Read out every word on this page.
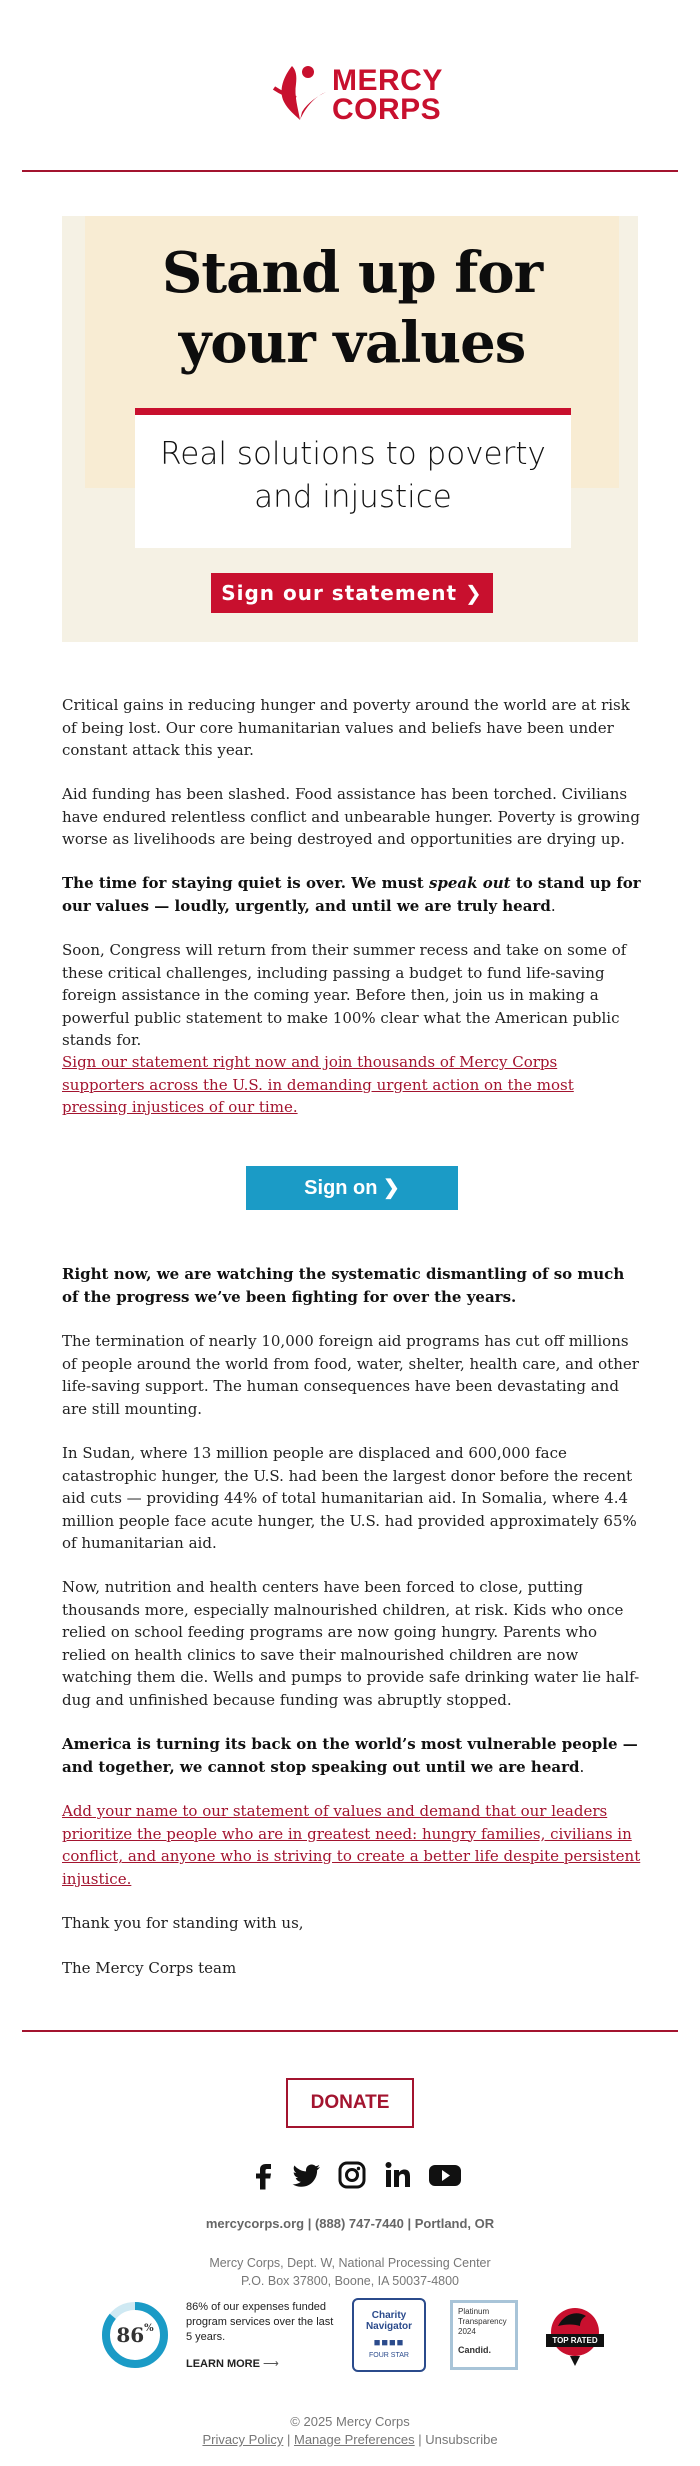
MERCY
CORPS
Stand up for
your values
Real solutions to poverty
and injustice
Sign our statement ❯

Critical gains in reducing hunger and poverty around the world are at risk of being lost. Our core humanitarian values and beliefs have been under constant attack this year.

Aid funding has been slashed. Food assistance has been torched. Civilians have endured relentless conflict and unbearable hunger. Poverty is growing worse as livelihoods are being destroyed and opportunities are drying up.

The time for staying quiet is over. We must speak out to stand up for our values — loudly, urgently, and until we are truly heard.

Soon, Congress will return from their summer recess and take on some of these critical challenges, including passing a budget to fund life-saving foreign assistance in the coming year. Before then, join us in making a powerful public statement to make 100% clear what the American public stands for.

Sign our statement right now and join thousands of Mercy Corps supporters across the U.S. in demanding urgent action on the most pressing injustices of our time.

Sign on ❯

Right now, we are watching the systematic dismantling of so much of the progress we’ve been fighting for over the years.

The termination of nearly 10,000 foreign aid programs has cut off millions of people around the world from food, water, shelter, health care, and other life-saving support. The human consequences have been devastating and are still mounting.

In Sudan, where 13 million people are displaced and 600,000 face catastrophic hunger, the U.S. had been the largest donor before the recent aid cuts — providing 44% of total humanitarian aid. In Somalia, where 4.4 million people face acute hunger, the U.S. had provided approximately 65% of humanitarian aid.

Now, nutrition and health centers have been forced to close, putting thousands more, especially malnourished children, at risk. Kids who once relied on school feeding programs are now going hungry. Parents who relied on health clinics to save their malnourished children are now watching them die. Wells and pumps to provide safe drinking water lie half-dug and unfinished because funding was abruptly stopped.

America is turning its back on the world’s most vulnerable people — and together, we cannot stop speaking out until we are heard.

Add your name to our statement of values and demand that our leaders prioritize the people who are in greatest need: hungry families, civilians in conflict, and anyone who is striving to create a better life despite persistent injustice.

Thank you for standing with us,

The Mercy Corps team

DONATE
mercycorps.org | (888) 747-7440 | Portland, OR
Mercy Corps, Dept. W, National Processing Center
P.O. Box 37800, Boone, IA 50037-4800
86%
86% of our expenses funded program services over the last 5 years.
LEARN MORE ⟶
Charity
Navigator
■■■■
FOUR STAR
Platinum
Transparency
2024
Candid.
TOP RATED
© 2025 Mercy Corps
Privacy Policy | Manage Preferences | Unsubscribe
